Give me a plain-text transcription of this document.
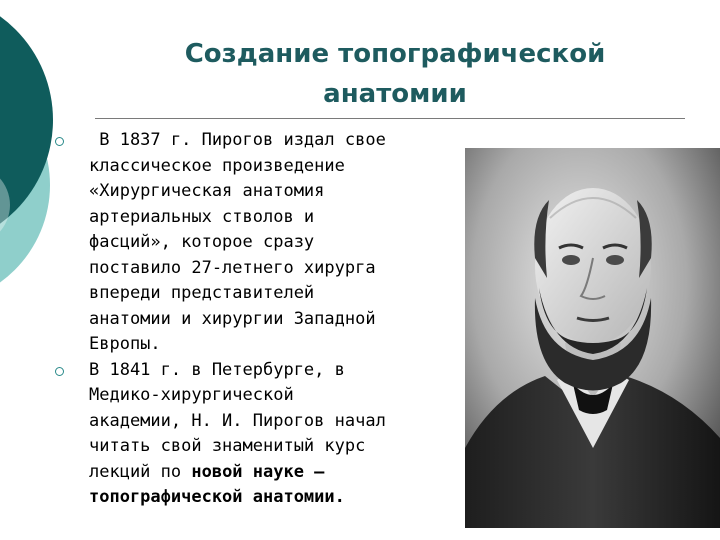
Создание топографической
анатомии
В 1837 г. Пирогов издал свое
классическое произведение
«Хирургическая анатомия
артериальных стволов и
фасций», которое сразу
поставило 27-летнего хирурга
впереди представителей
анатомии и хирургии Западной
Европы.
В 1841 г. в Петербурге, в
Медико-хирургической
академии, Н. И. Пирогов начал
читать свой знаменитый курс
лекций по новой науке —
топографической анатомии.
